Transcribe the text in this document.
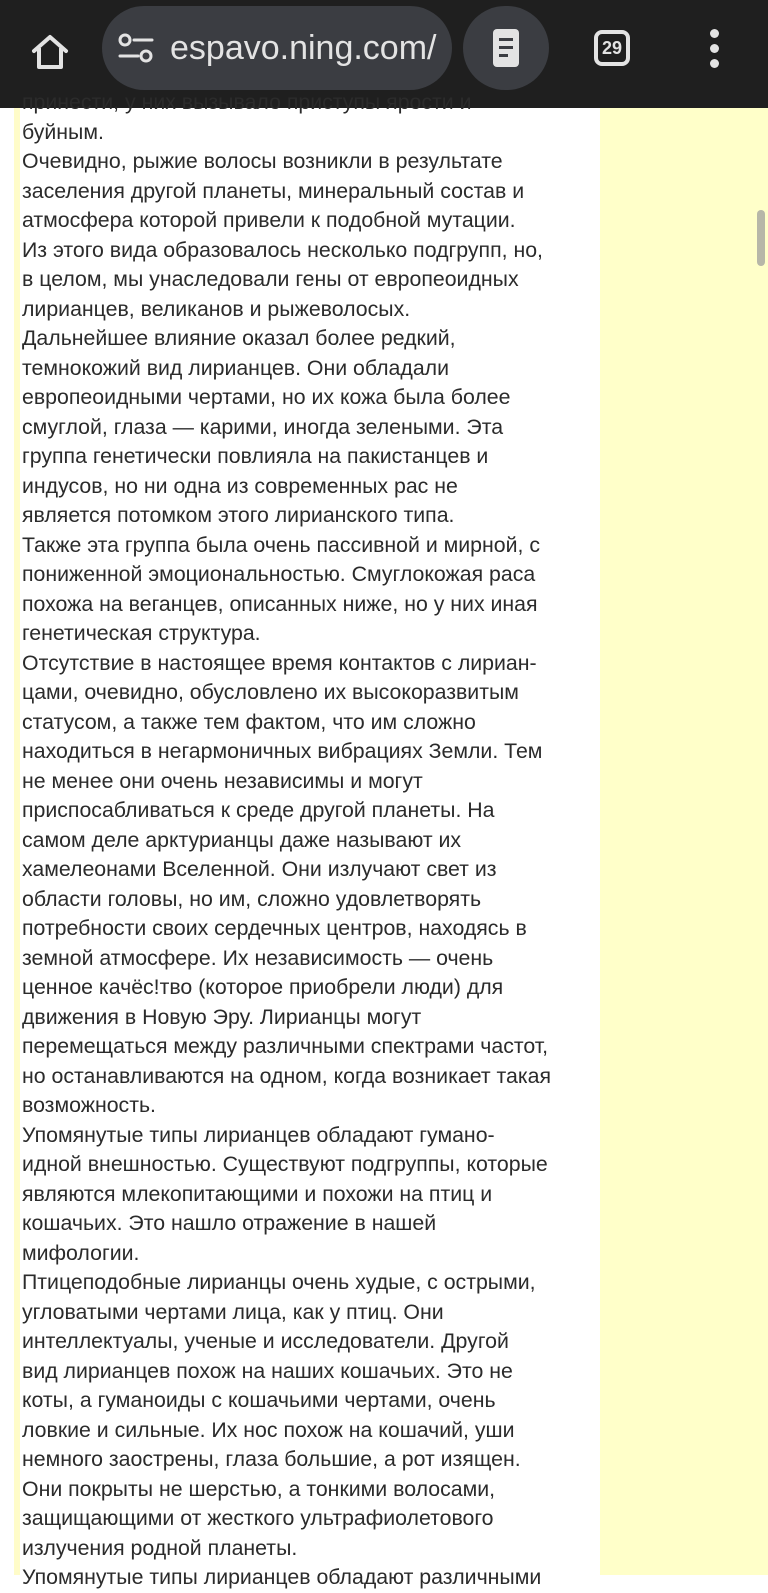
espavo.ning.com/	29
принести, у них вызывало приступы ярости и
буйным.
Очевидно, рыжие волосы возникли в результате
заселения другой планеты, минеральный состав и
атмосфера которой привели к подобной мутации.
Из этого вида образовалось несколько подгрупп, но,
в целом, мы унаследовали гены от европеоидных
лирианцев, великанов и рыжеволосых.
Дальнейшее влияние оказал более редкий,
темнокожий вид лирианцев. Они обладали
европеоидными чертами, но их кожа была более
смуглой, глаза — карими, иногда зелеными. Эта
группа генетически повлияла на пакистанцев и
индусов, но ни одна из современных рас не
является потомком этого лирианского типа.
Также эта группа была очень пассивной и мирной, с
пониженной эмоциональностью. Смуглокожая раса
похожа на веганцев, описанных ниже, но у них иная
генетическая структура.
Отсутствие в настоящее время контактов с лириан-
цами, очевидно, обусловлено их высокоразвитым
статусом, а также тем фактом, что им сложно
находиться в негармоничных вибрациях Земли. Тем
не менее они очень независимы и могут
приспосабливаться к среде другой планеты. На
самом деле арктурианцы даже называют их
хамелеонами Вселенной. Они излучают свет из
области головы, но им, сложно удовлетворять
потребности своих сердечных центров, находясь в
земной атмосфере. Их независимость — очень
ценное качёс!тво (которое приобрели люди) для
движения в Новую Эру. Лирианцы могут
перемещаться между различными спектрами частот,
но останавливаются на одном, когда возникает такая
возможность.
Упомянутые типы лирианцев обладают гумано-
идной внешностью. Существуют подгруппы, которые
являются млекопитающими и похожи на птиц и
кошачьих. Это нашло отражение в нашей
мифологии.
Птицеподобные лирианцы очень худые, с острыми,
угловатыми чертами лица, как у птиц. Они
интеллектуалы, ученые и исследователи. Другой
вид лирианцев похож на наших кошачьих. Это не
коты, а гуманоиды с кошачьими чертами, очень
ловкие и сильные. Их нос похож на кошачий, уши
немного заострены, глаза большие, а рот изящен.
Они покрыты не шерстью, а тонкими волосами,
защищающими от жесткого ультрафиолетового
излучения родной планеты.
Упомянутые типы лирианцев обладают различными
